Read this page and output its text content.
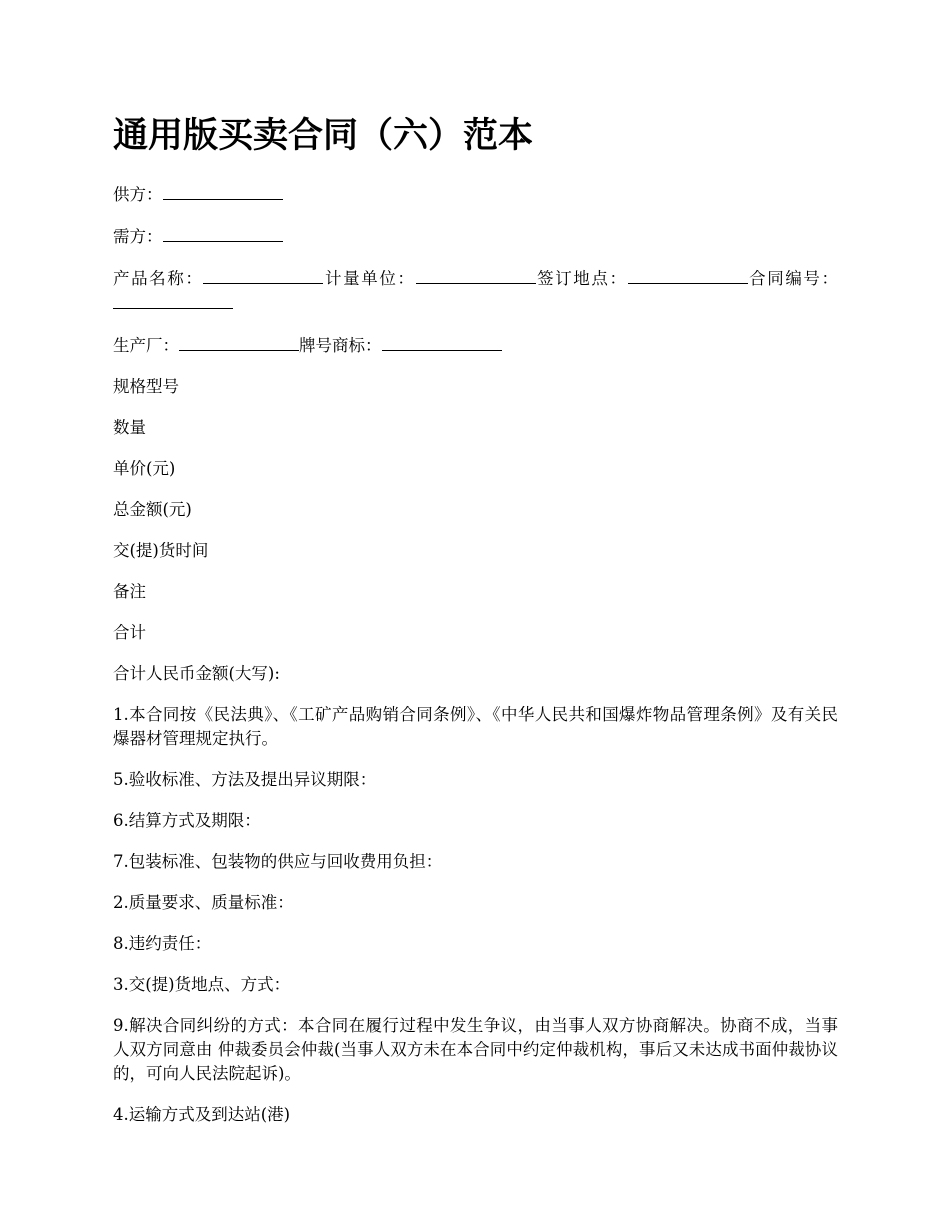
通用版买卖合同（六）范本

供方：

需方：

产品名称：	计量单位：	签订地点：	合同编号：

生产厂：	牌号商标：

规格型号

数量

单价(元)

总金额(元)

交(提)货时间

备注

合计

合计人民币金额(大写):

1.本合同按《民法典》、《工矿产品购销合同条例》、《中华人民共和国爆炸物品管理条例》及有关民爆器材管理规定执行。

5.验收标准、方法及提出异议期限：

6.结算方式及期限：

7.包装标准、包装物的供应与回收费用负担：

2.质量要求、质量标准：

8.违约责任：

3.交(提)货地点、方式：

9.解决合同纠纷的方式：本合同在履行过程中发生争议，由当事人双方协商解决。协商不成，当事人双方同意由 仲裁委员会仲裁(当事人双方未在本合同中约定仲裁机构，事后又未达成书面仲裁协议的，可向人民法院起诉)。

4.运输方式及到达站(港)
